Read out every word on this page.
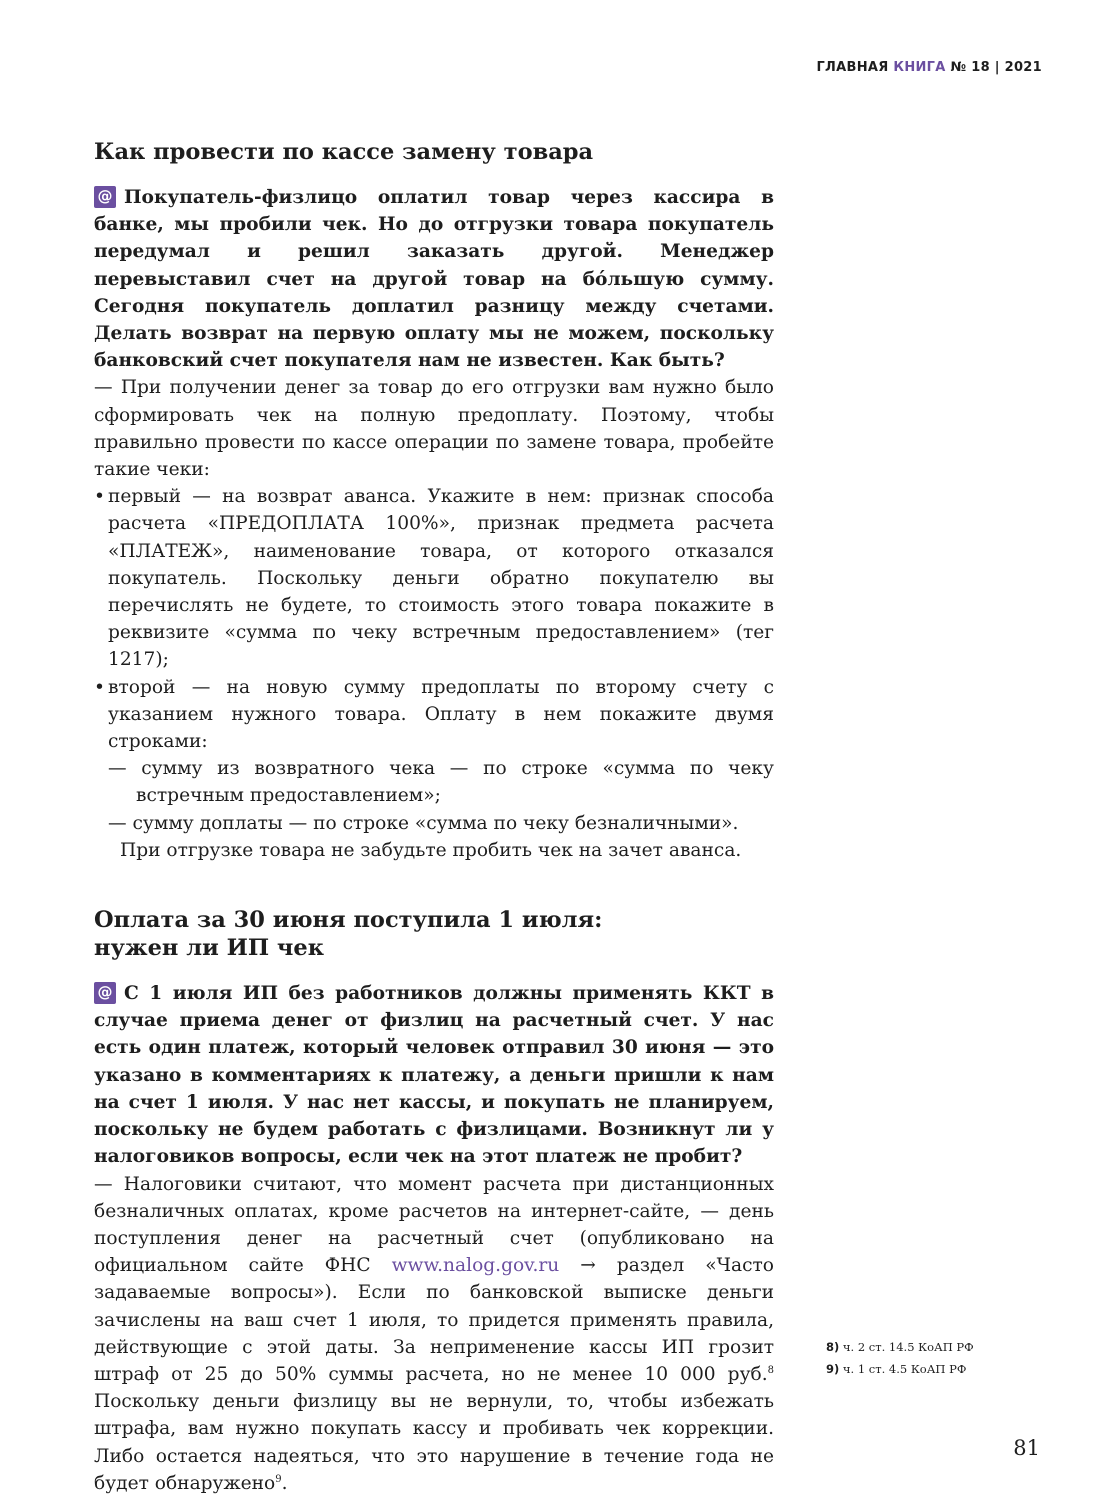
ГЛАВНАЯ КНИГА № 18 | 2021
Как провести по кассе замену товара

@ Покупатель-физлицо оплатил товар через кассира в банке, мы пробили чек. Но до отгрузки товара покупатель передумал и решил заказать другой. Менеджер перевыставил счет на другой товар на бóльшую сумму. Сегодня покупатель доплатил разницу между счетами. Делать возврат на первую оплату мы не можем, поскольку банковский счет покупателя нам не известен. Как быть?

— При получении денег за товар до его отгрузки вам нужно было сформировать чек на полную предоплату. Поэтому, чтобы правильно провести по кассе операции по замене товара, пробейте такие чеки:

• первый — на возврат аванса. Укажите в нем: признак способа расчета «ПРЕДОПЛАТА 100%», признак предмета расчета «ПЛАТЕЖ», наименование товара, от которого отказался покупатель. Поскольку деньги обратно покупателю вы перечислять не будете, то стоимость этого товара покажите в реквизите «сумма по чеку встречным предоставлением» (тег 1217);

• второй — на новую сумму предоплаты по второму счету с указанием нужного товара. Оплату в нем покажите двумя строками:

— сумму из возвратного чека — по строке «сумма по чеку встречным предоставлением»;

— сумму доплаты — по строке «сумма по чеку безналичными».

При отгрузке товара не забудьте пробить чек на зачет аванса.

Оплата за 30 июня поступила 1 июля:
нужен ли ИП чек

@ С 1 июля ИП без работников должны применять ККТ в случае приема денег от физлиц на расчетный счет. У нас есть один платеж, который человек отправил 30 июня — это указано в комментариях к платежу, а деньги пришли к нам на счет 1 июля. У нас нет кассы, и покупать не планируем, поскольку не будем работать с физлицами. Возникнут ли у налоговиков вопросы, если чек на этот платеж не пробит?

— Налоговики считают, что момент расчета при дистанционных безналичных оплатах, кроме расчетов на интернет-сайте, — день поступления денег на расчетный счет (опубликовано на официальном сайте ФНС www.nalog.gov.ru → раздел «Часто задаваемые вопросы»). Если по банковской выписке деньги зачислены на ваш счет 1 июля, то придется применять правила, действующие с этой даты. За неприменение кассы ИП грозит штраф от 25 до 50% суммы расчета, но не менее 10 000 руб.$^8$ Поскольку деньги физлицу вы не вернули, то, чтобы избежать штрафа, вам нужно покупать кассу и пробивать чек коррекции. Либо остается надеяться, что это нарушение в течение года не будет обнаружено$^9$.

8) ч. 2 ст. 14.5 КоАП РФ
9) ч. 1 ст. 4.5 КоАП РФ
81
